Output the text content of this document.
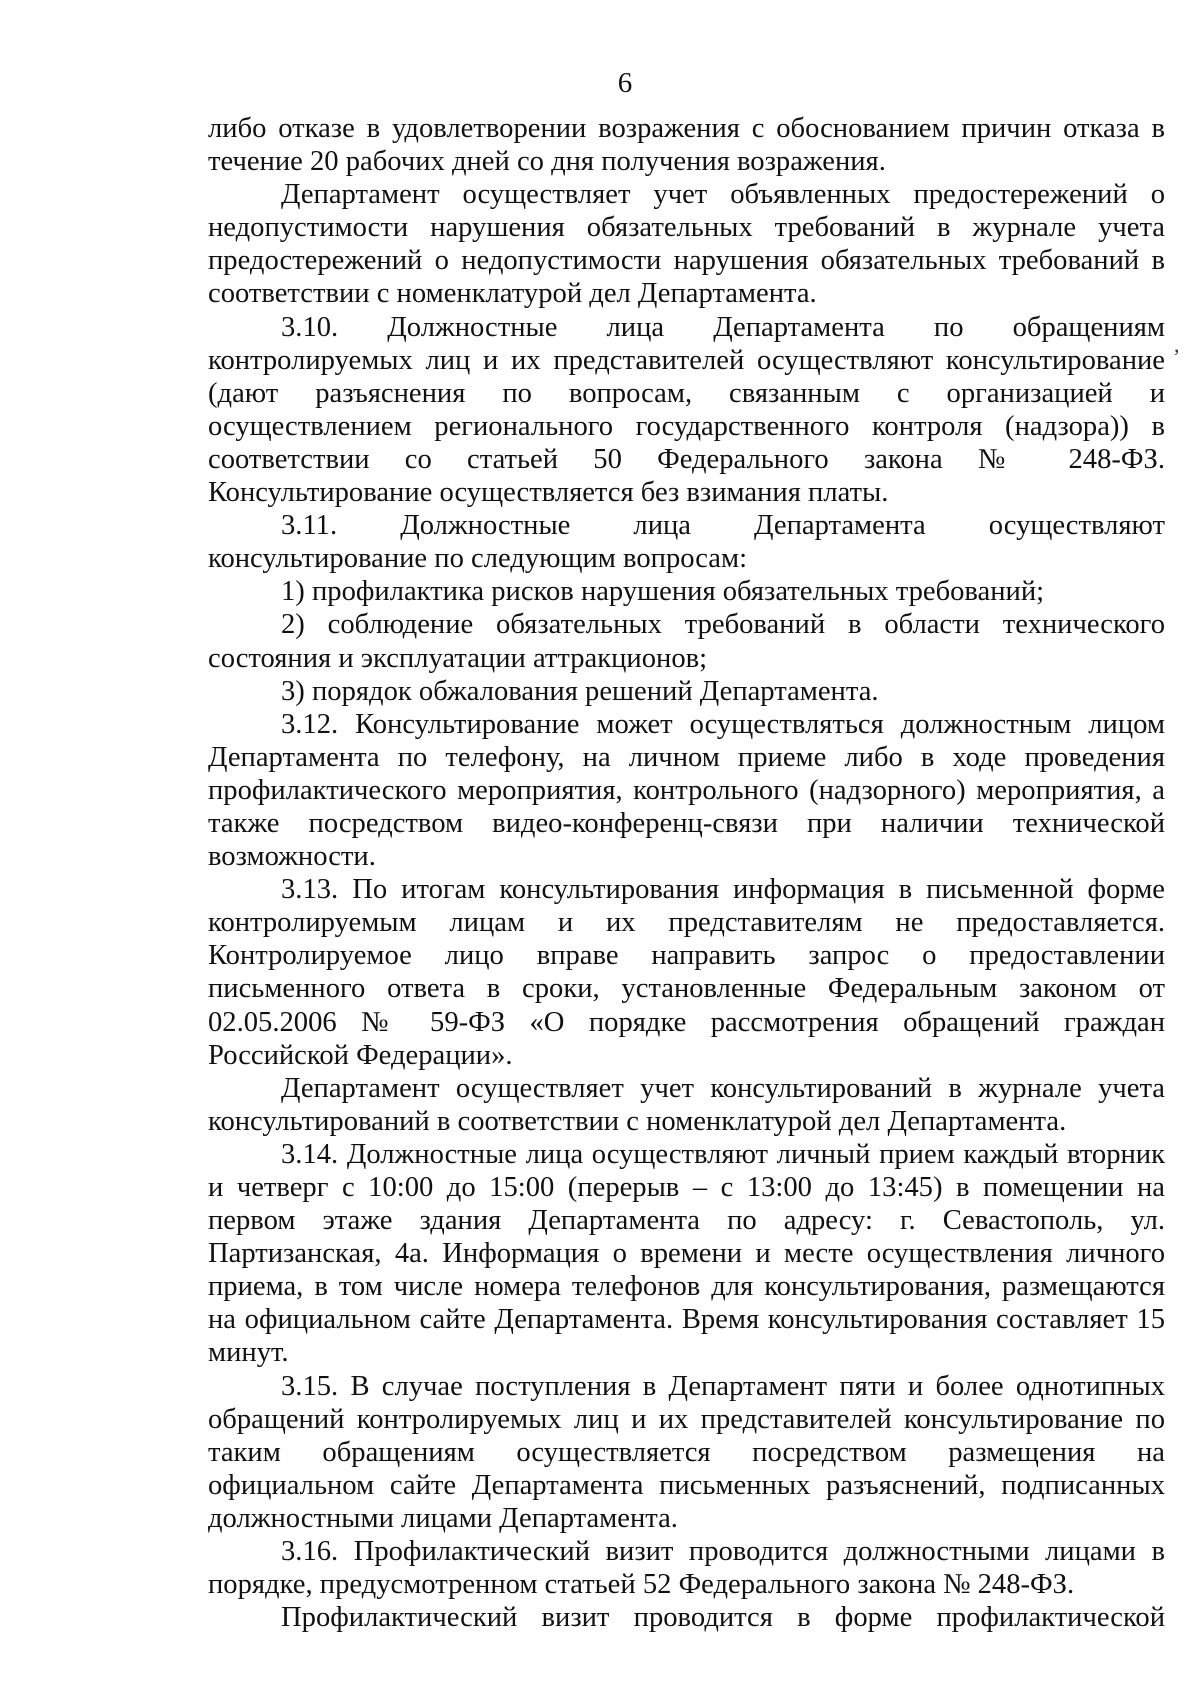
6
,

либо отказе в удовлетворении возражения с обоснованием причин отказа в течение 20 рабочих дней со дня получения возражения.

Департамент осуществляет учет объявленных предостережений о недопустимости нарушения обязательных требований в журнале учета предостережений о недопустимости нарушения обязательных требований в соответствии с номенклатурой дел Департамента.

3.10. Должностные лица Департамента по обращениям контролируемых лиц и их представителей осуществляют консультирование (дают разъяснения по вопросам, связанным с организацией и осуществлением регионального государственного контроля (надзора)) в соответствии со статьей 50 Федерального закона № 248-ФЗ. Консультирование осуществляется без взимания платы.

3.11. Должностные лица Департамента осуществляют консультирование по следующим вопросам:

1) профилактика рисков нарушения обязательных требований;

2) соблюдение обязательных требований в области технического состояния и эксплуатации аттракционов;

3) порядок обжалования решений Департамента.

3.12. Консультирование может осуществляться должностным лицом Департамента по телефону, на личном приеме либо в ходе проведения профилактического мероприятия, контрольного (надзорного) мероприятия, а также посредством видео-конференц-связи при наличии технической возможности.

3.13. По итогам консультирования информация в письменной форме контролируемым лицам и их представителям не предоставляется. Контролируемое лицо вправе направить запрос о предоставлении письменного ответа в сроки, установленные Федеральным законом от 02.05.2006 № 59-ФЗ «О порядке рассмотрения обращений граждан Российской Федерации».

Департамент осуществляет учет консультирований в журнале учета консультирований в соответствии с номенклатурой дел Департамента.

3.14. Должностные лица осуществляют личный прием каждый вторник и четверг с 10:00 до 15:00 (перерыв – с 13:00 до 13:45) в помещении на первом этаже здания Департамента по адресу: г. Севастополь, ул. Партизанская, 4а. Информация о времени и месте осуществления личного приема, в том числе номера телефонов для консультирования, размещаются на официальном сайте Департамента. Время консультирования составляет 15 минут.

3.15. В случае поступления в Департамент пяти и более однотипных обращений контролируемых лиц и их представителей консультирование по таким обращениям осуществляется посредством размещения на официальном сайте Департамента письменных разъяснений, подписанных должностными лицами Департамента.

3.16. Профилактический визит проводится должностными лицами в порядке, предусмотренном статьей 52 Федерального закона № 248-ФЗ.

Профилактический визит проводится в форме профилактической
